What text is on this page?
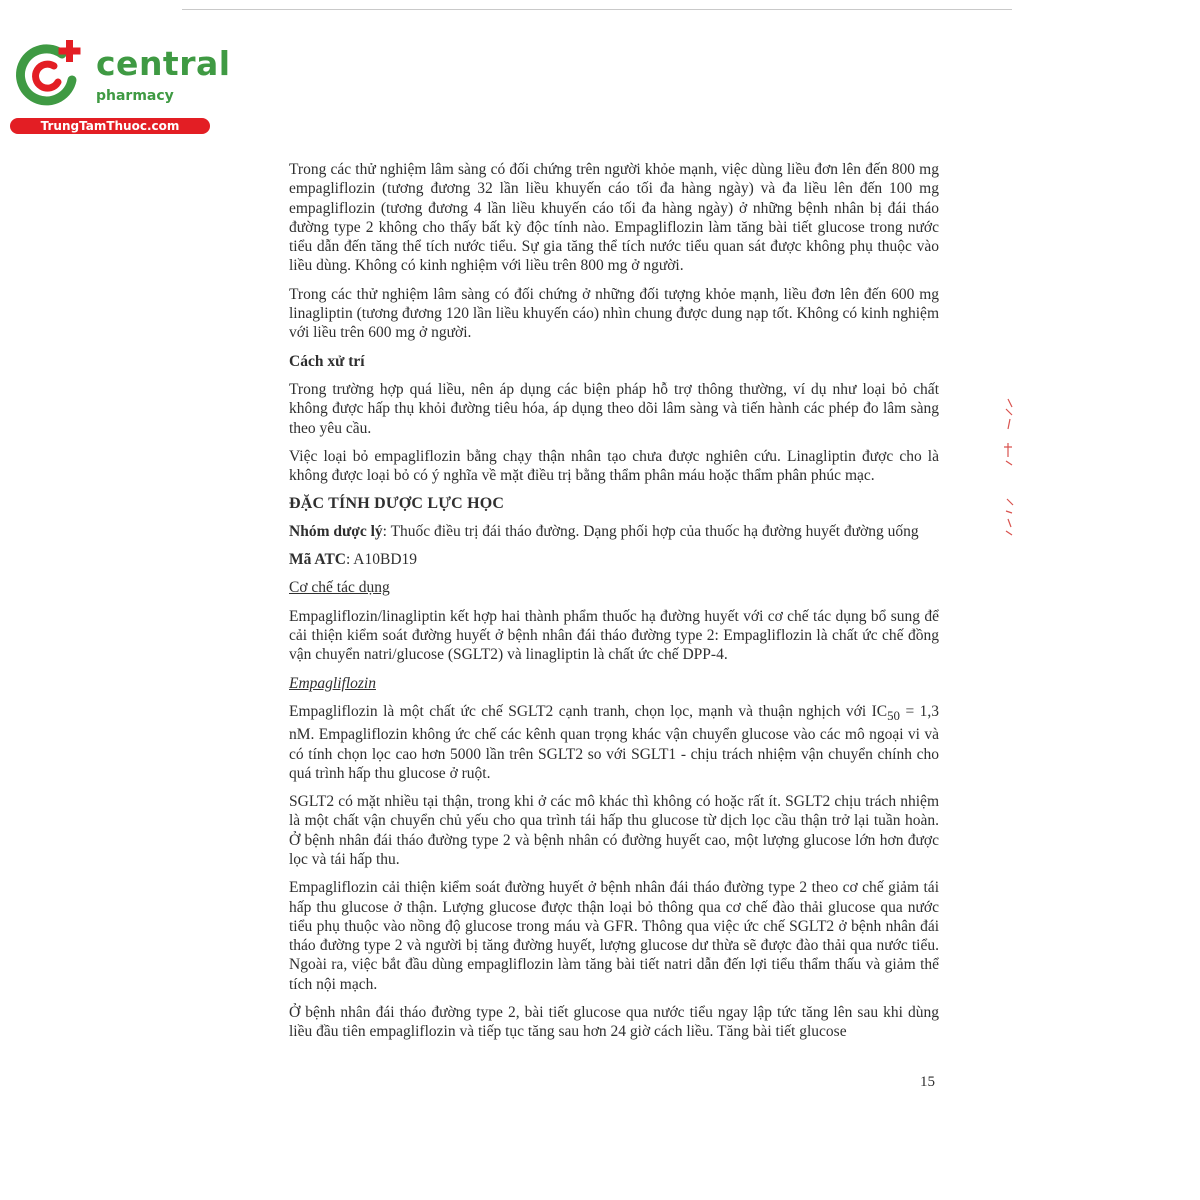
central
pharmacy
TrungTamThuoc.com

Trong các thử nghiệm lâm sàng có đối chứng trên người khỏe mạnh, việc dùng liều đơn lên đến 800 mg empagliflozin (tương đương 32 lần liều khuyến cáo tối đa hàng ngày) và đa liều lên đến 100 mg empagliflozin (tương đương 4 lần liều khuyến cáo tối đa hàng ngày) ở những bệnh nhân bị đái tháo đường type 2 không cho thấy bất kỳ độc tính nào. Empagliflozin làm tăng bài tiết glucose trong nước tiểu dẫn đến tăng thể tích nước tiểu. Sự gia tăng thể tích nước tiểu quan sát được không phụ thuộc vào liều dùng. Không có kinh nghiệm với liều trên 800 mg ở người.

Trong các thử nghiệm lâm sàng có đối chứng ở những đối tượng khỏe mạnh, liều đơn lên đến 600 mg linagliptin (tương đương 120 lần liều khuyến cáo) nhìn chung được dung nạp tốt. Không có kinh nghiệm với liều trên 600 mg ở người.

Cách xử trí

Trong trường hợp quá liều, nên áp dụng các biện pháp hỗ trợ thông thường, ví dụ như loại bỏ chất không được hấp thụ khỏi đường tiêu hóa, áp dụng theo dõi lâm sàng và tiến hành các phép đo lâm sàng theo yêu cầu.

Việc loại bỏ empagliflozin bằng chạy thận nhân tạo chưa được nghiên cứu. Linagliptin được cho là không được loại bỏ có ý nghĩa về mặt điều trị bằng thẩm phân máu hoặc thẩm phân phúc mạc.

ĐẶC TÍNH DƯỢC LỰC HỌC

Nhóm dược lý: Thuốc điều trị đái tháo đường. Dạng phối hợp của thuốc hạ đường huyết đường uống

Mã ATC: A10BD19

Cơ chế tác dụng

Empagliflozin/linagliptin kết hợp hai thành phẩm thuốc hạ đường huyết với cơ chế tác dụng bổ sung để cải thiện kiểm soát đường huyết ở bệnh nhân đái tháo đường type 2: Empagliflozin là chất ức chế đồng vận chuyển natri/glucose (SGLT2) và linagliptin là chất ức chế DPP-4.

Empagliflozin

Empagliflozin là một chất ức chế SGLT2 cạnh tranh, chọn lọc, mạnh và thuận nghịch với $IC_{50} = 1,3$ nM. Empagliflozin không ức chế các kênh quan trọng khác vận chuyển glucose vào các mô ngoại vi và có tính chọn lọc cao hơn 5000 lần trên SGLT2 so với SGLT1 - chịu trách nhiệm vận chuyển chính cho quá trình hấp thu glucose ở ruột.

SGLT2 có mặt nhiều tại thận, trong khi ở các mô khác thì không có hoặc rất ít. SGLT2 chịu trách nhiệm là một chất vận chuyển chủ yếu cho qua trình tái hấp thu glucose từ dịch lọc cầu thận trở lại tuần hoàn. Ở bệnh nhân đái tháo đường type 2 và bệnh nhân có đường huyết cao, một lượng glucose lớn hơn được lọc và tái hấp thu.

Empagliflozin cải thiện kiểm soát đường huyết ở bệnh nhân đái tháo đường type 2 theo cơ chế giảm tái hấp thu glucose ở thận. Lượng glucose được thận loại bỏ thông qua cơ chế đào thải glucose qua nước tiểu phụ thuộc vào nồng độ glucose trong máu và GFR. Thông qua việc ức chế SGLT2 ở bệnh nhân đái tháo đường type 2 và người bị tăng đường huyết, lượng glucose dư thừa sẽ được đào thải qua nước tiểu. Ngoài ra, việc bắt đầu dùng empagliflozin làm tăng bài tiết natri dẫn đến lợi tiểu thẩm thấu và giảm thể tích nội mạch.

Ở bệnh nhân đái tháo đường type 2, bài tiết glucose qua nước tiểu ngay lập tức tăng lên sau khi dùng liều đầu tiên empagliflozin và tiếp tục tăng sau hơn 24 giờ cách liều. Tăng bài tiết glucose

15
